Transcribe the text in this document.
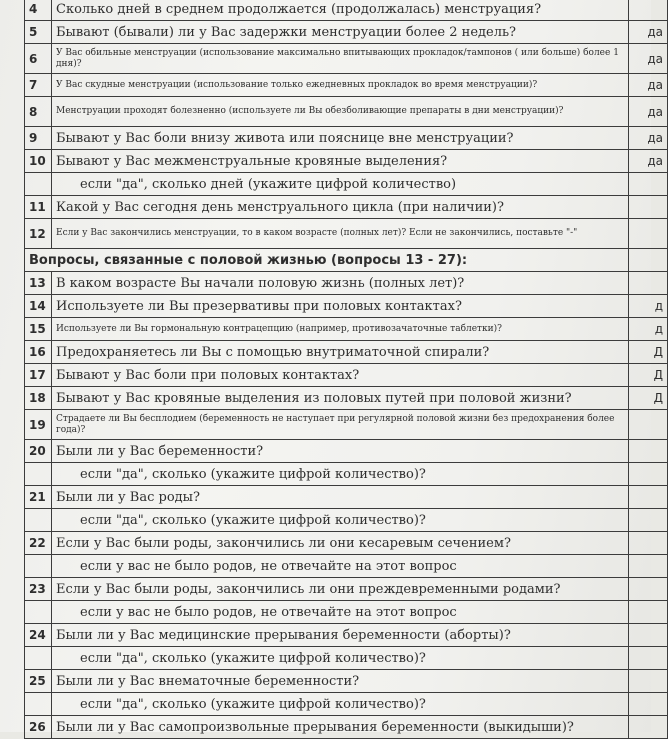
4	Сколько дней в среднем продолжается (продолжалась) менструация?	
5	Бывают (бывали) ли у Вас задержки менструации более 2 недель?	да
6	У Вас обильные менструации (использование максимально впитывающих прокладок/тампонов ( или больше) более 1 дня)?	да
7	У Вас скудные менструации (использование только ежедневных прокладок во время менструации)?	да
8	Менструации проходят болезненно (используете ли Вы обезболивающие препараты в дни менструации)?	да
9	Бывают у Вас боли внизу живота или пояснице вне менструации?	да
10	Бывают у Вас межменструальные кровяные выделения?	да
	если "да", сколько дней (укажите цифрой количество)	
11	Какой у Вас сегодня день менструального цикла (при наличии)?	
12	Если у Вас закончились менструации, то в каком возрасте (полных лет)? Если не закончились, поставьте "-"	
Вопросы, связанные с половой жизнью (вопросы 13 - 27):		
13	В каком возрасте Вы начали половую жизнь (полных лет)?	
14	Используете ли Вы презервативы при половых контактах?	д
15	Используете ли Вы гормональную контрацепцию (например, противозачаточные таблетки)?	д
16	Предохраняетесь ли Вы с помощью внутриматочной спирали?	Д
17	Бывают у Вас боли при половых контактах?	Д
18	Бывают у Вас кровяные выделения из половых путей при половой жизни?	Д
19	Страдаете ли Вы бесплодием (беременность не наступает при регулярной половой жизни без предохранения более года)?	
20	Были ли у Вас беременности?	
	если "да", сколько (укажите цифрой количество)?	
21	Были ли у Вас роды?	
	если "да", сколько (укажите цифрой количество)?	
22	Если у Вас были роды, закончились ли они кесаревым сечением?	
	если у вас не было родов, не отвечайте на этот вопрос	
23	Если у Вас были роды, закончились ли они преждевременными родами?	
	если у вас не было родов, не отвечайте на этот вопрос	
24	Были ли у Вас медицинские прерывания беременности (аборты)?	
	если "да", сколько (укажите цифрой количество)?	
25	Были ли у Вас внематочные беременности?	
	если "да", сколько (укажите цифрой количество)?	
26	Были ли у Вас самопроизвольные прерывания беременности (выкидыши)?	
